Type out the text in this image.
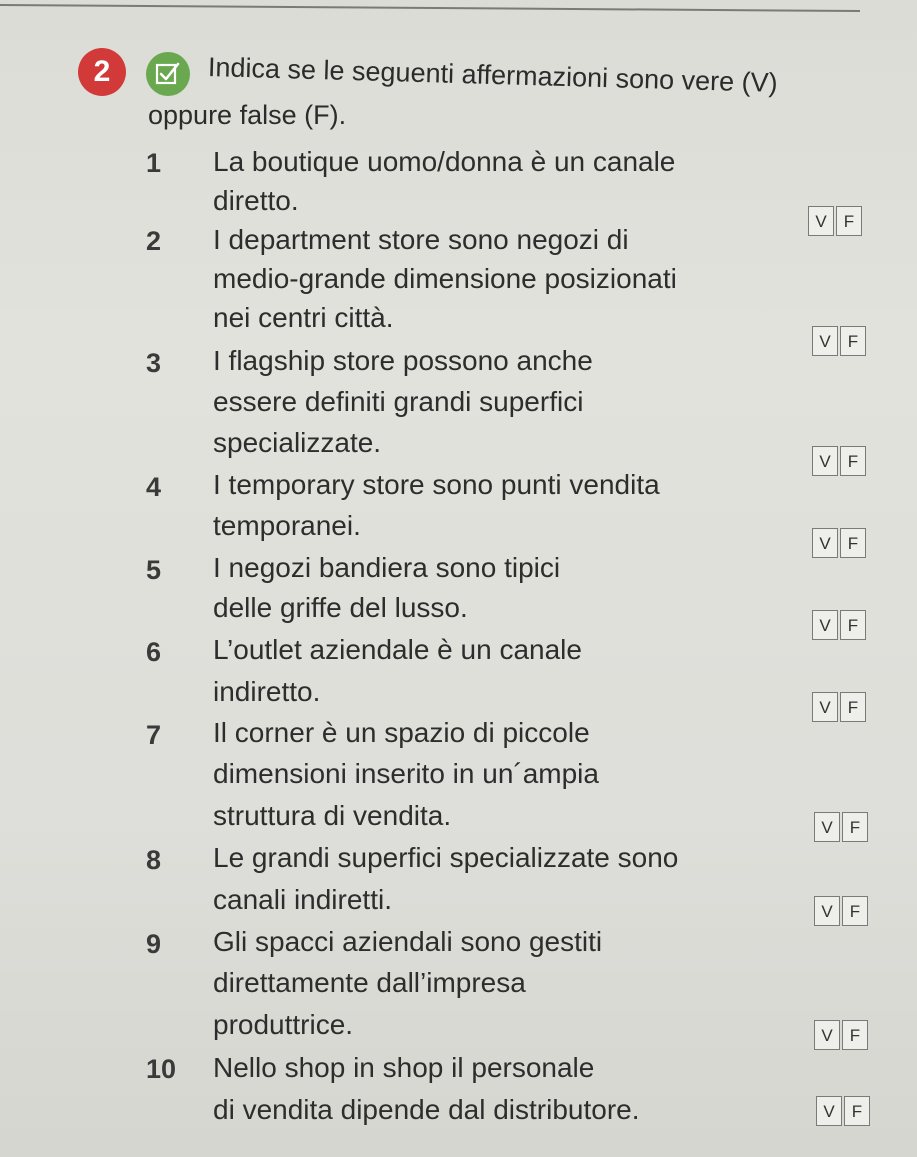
2	Indica se le seguenti affermazioni sono vere (V)
oppure false (F).
1	La boutique uomo/donna è un canale
diretto.
V	F
2	I department store sono negozi di
medio-grande dimensione posizionati
nei centri città.
V	F
3	I flagship store possono anche
essere definiti grandi superfici
specializzate.
V	F
4	I temporary store sono punti vendita
temporanei.
V	F
5	I negozi bandiera sono tipici
delle griffe del lusso.
V	F
6	L’outlet aziendale è un canale
indiretto.
V	F
7	Il corner è un spazio di piccole
dimensioni inserito in un´ampia
struttura di vendita.	V	F
8	Le grandi superfici specializzate sono
canali indiretti.	V	F
9	Gli spacci aziendali sono gestiti
direttamente dall’impresa
produttrice.	V	F
10	Nello shop in shop il personale
di vendita dipende dal distributore.	V	F
